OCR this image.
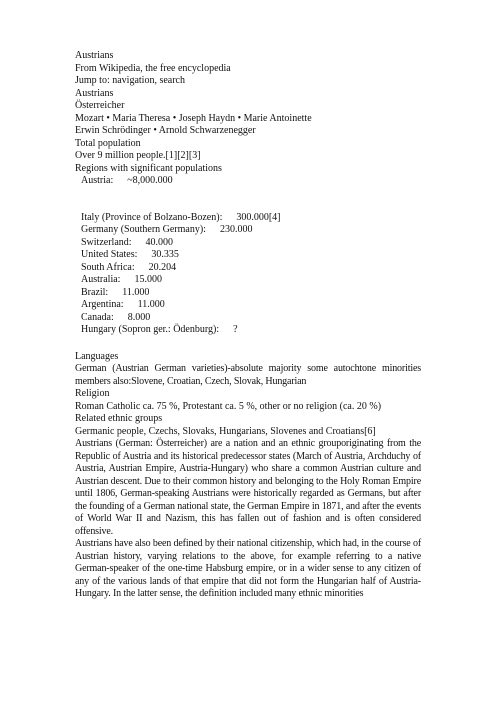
Austrians
From Wikipedia, the free encyclopedia
Jump to: navigation, search
Austrians
Österreicher
Mozart • Maria Theresa • Joseph Haydn • Marie Antoinette
Erwin Schrödinger • Arnold Schwarzenegger
Total population
Over 9 million people.[1][2][3]
Regions with significant populations
Austria: ~8,000.000
Italy (Province of Bolzano-Bozen): 300.000[4]
Germany (Southern Germany): 230.000
Switzerland: 40.000
United States: 30.335
South Africa: 20.204
Australia: 15.000
Brazil: 11.000
Argentina: 11.000
Canada: 8.000
Hungary (Sopron ger.: Ödenburg): ?
Languages
German (Austrian German varieties)-absolute majority some autochtone minorities members also:Slovene, Croatian, Czech, Slovak, Hungarian
Religion
Roman Catholic ca. 75 %, Protestant ca. 5 %, other or no religion (ca. 20 %)
Related ethnic groups
Germanic people, Czechs, Slovaks, Hungarians, Slovenes and Croatians[6]
Austrians (German: Österreicher) are a nation and an ethnic grouporiginating from the Republic of Austria and its historical predecessor states (March of Austria, Archduchy of Austria, Austrian Empire, Austria-Hungary) who share a common Austrian culture and Austrian descent. Due to their common history and belonging to the Holy Roman Empire until 1806, German-speaking Austrians were historically regarded as Germans, but after the founding of a German national state, the German Empire in 1871, and after the events of World War II and Nazism, this has fallen out of fashion and is often considered offensive.
Austrians have also been defined by their national citizenship, which had, in the course of Austrian history, varying relations to the above, for example referring to a native German-speaker of the one-time Habsburg empire, or in a wider sense to any citizen of any of the various lands of that empire that did not form the Hungarian half of Austria-Hungary. In the latter sense, the definition included many ethnic minorities
